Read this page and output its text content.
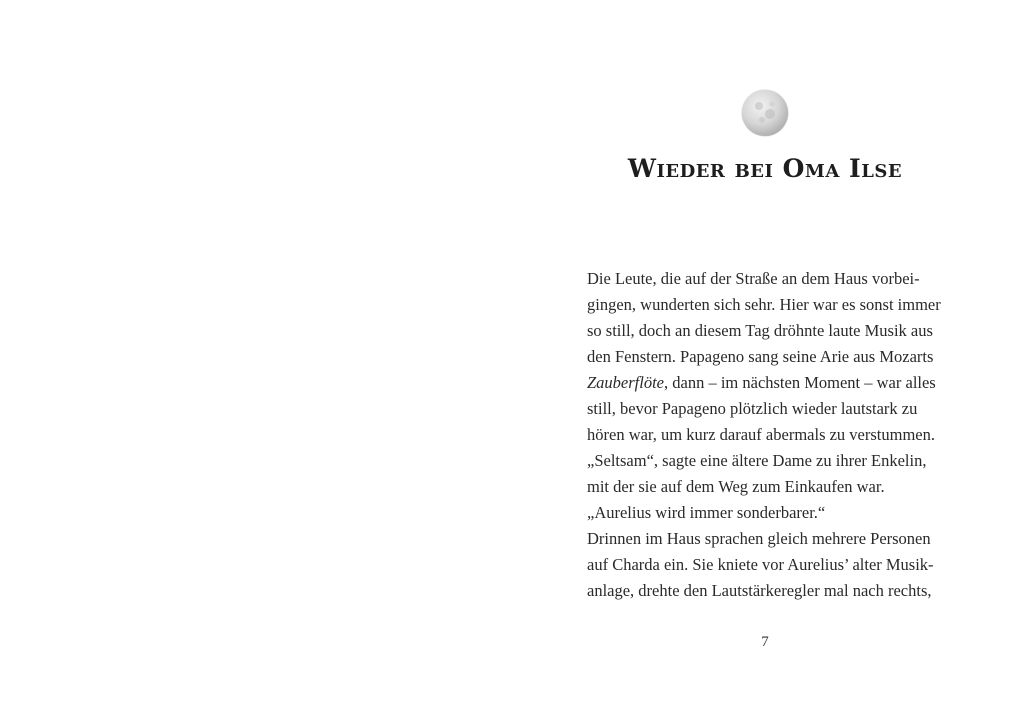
Wieder bei Oma Ilse
Die Leute, die auf der Straße an dem Haus vorbei-
gingen, wunderten sich sehr. Hier war es sonst immer
so still, doch an diesem Tag dröhnte laute Musik aus
den Fenstern. Papageno sang seine Arie aus Mozarts
Zauberflöte, dann – im nächsten Moment – war alles
still, bevor Papageno plötzlich wieder lautstark zu
hören war, um kurz darauf abermals zu verstummen.
„Seltsam“, sagte eine ältere Dame zu ihrer Enkelin,
mit der sie auf dem Weg zum Einkaufen war.
„Aurelius wird immer sonderbarer.“
Drinnen im Haus sprachen gleich mehrere Personen
auf Charda ein. Sie kniete vor Aurelius’ alter Musik-
anlage, drehte den Lautstärkeregler mal nach rechts,
7
